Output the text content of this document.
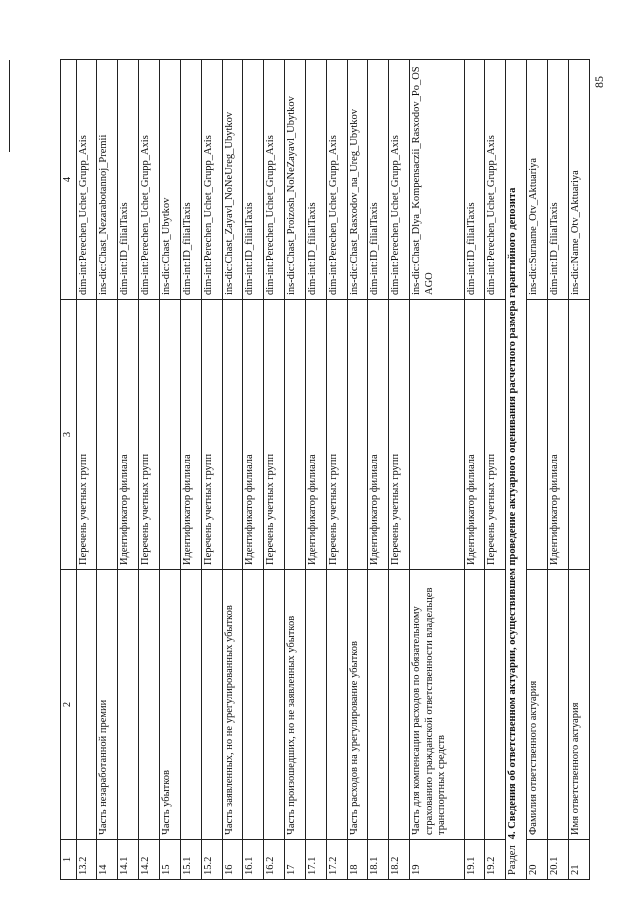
85
1	2	3	4
13.2		Перечень учетных групп	dim-int:Perechen_Uchet_Grupp_Axis
14	Часть незаработанной премии		ins-dic:Chast_Nezarabotannoj_Premii
14.1		Идентификатор филиала	dim-int:ID_filialTaxis
14.2		Перечень учетных групп	dim-int:Perechen_Uchet_Grupp_Axis
15	Часть убытков		ins-dic:Chast_Ubytkov
15.1		Идентификатор филиала	dim-int:ID_filialTaxis
15.2		Перечень учетных групп	dim-int:Perechen_Uchet_Grupp_Axis
16	Часть заявленных, но не урегулированных убытков		ins-dic:Chast_Zayavl_NoNeUreg_Ubytkov
16.1		Идентификатор филиала	dim-int:ID_filialTaxis
16.2		Перечень учетных групп	dim-int:Perechen_Uchet_Grupp_Axis
17	Часть произошедших, но не заявленных убытков		ins-dic:Chast_Proizosh_NoNeZayavl_Ubytkov
17.1		Идентификатор филиала	dim-int:ID_filialTaxis
17.2		Перечень учетных групп	dim-int:Perechen_Uchet_Grupp_Axis
18	Часть расходов на урегулирование убытков		ins-dic:Chast_Rasxodov_na_Ureg_Ubytkov
18.1		Идентификатор филиала	dim-int:ID_filialTaxis
18.2		Перечень учетных групп	dim-int:Perechen_Uchet_Grupp_Axis
19	Часть для компенсации расходов по обязательному страхованию гражданской ответственности владельцев транспортных средств		ins-dic:Chast_Dlya_Kompensaczii_Rasxodov_Po_OSAGO
19.1		Идентификатор филиала	dim-int:ID_filialTaxis
19.2		Перечень учетных групп	dim-int:Perechen_Uchet_Grupp_Axis
Раздел4. Сведения об ответственном актуарии, осуществившем проведение актуарного оценивания расчетного размера гарантийного депозита			
20	Фамилия ответственного актуария		ins-dic:Surname_Otv_Aktuariya
20.1		Идентификатор филиала	dim-int:ID_filialTaxis
21	Имя ответственного актуария		ins-dic:Name_Otv_Aktuariya
